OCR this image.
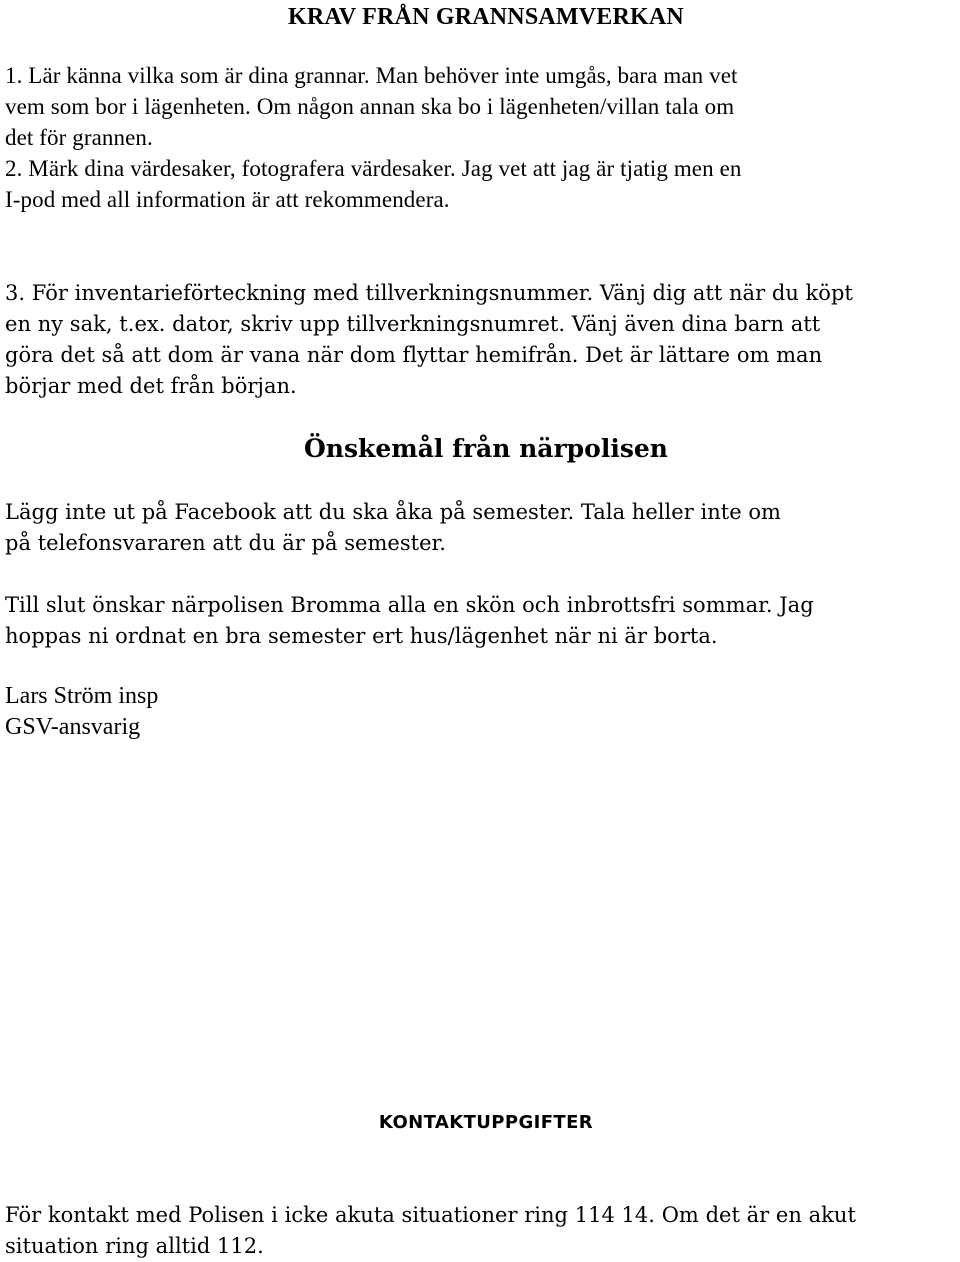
KRAV FRÅN GRANNSAMVERKAN

1. Lär känna vilka som är dina grannar. Man behöver inte umgås, bara man vet
vem som bor i lägenheten. Om någon annan ska bo i lägenheten/villan tala om
det för grannen.

2. Märk dina värdesaker, fotografera värdesaker. Jag vet att jag är tjatig men en
I-pod med all information är att rekommendera.

3. För inventarieförteckning med tillverkningsnummer. Vänj dig att när du köpt
en ny sak, t.ex. dator, skriv upp tillverkningsnumret. Vänj även dina barn att
göra det så att dom är vana när dom flyttar hemifrån. Det är lättare om man
börjar med det från början.

Önskemål från närpolisen

Lägg inte ut på Facebook att du ska åka på semester. Tala heller inte om
på telefonsvararen att du är på semester.

Till slut önskar närpolisen Bromma alla en skön och inbrottsfri sommar. Jag
hoppas ni ordnat en bra semester ert hus/lägenhet när ni är borta.

Lars Ström insp
GSV-ansvarig

KONTAKTUPPGIFTER

För kontakt med Polisen i icke akuta situationer ring 114 14. Om det är en akut
situation ring alltid 112.
